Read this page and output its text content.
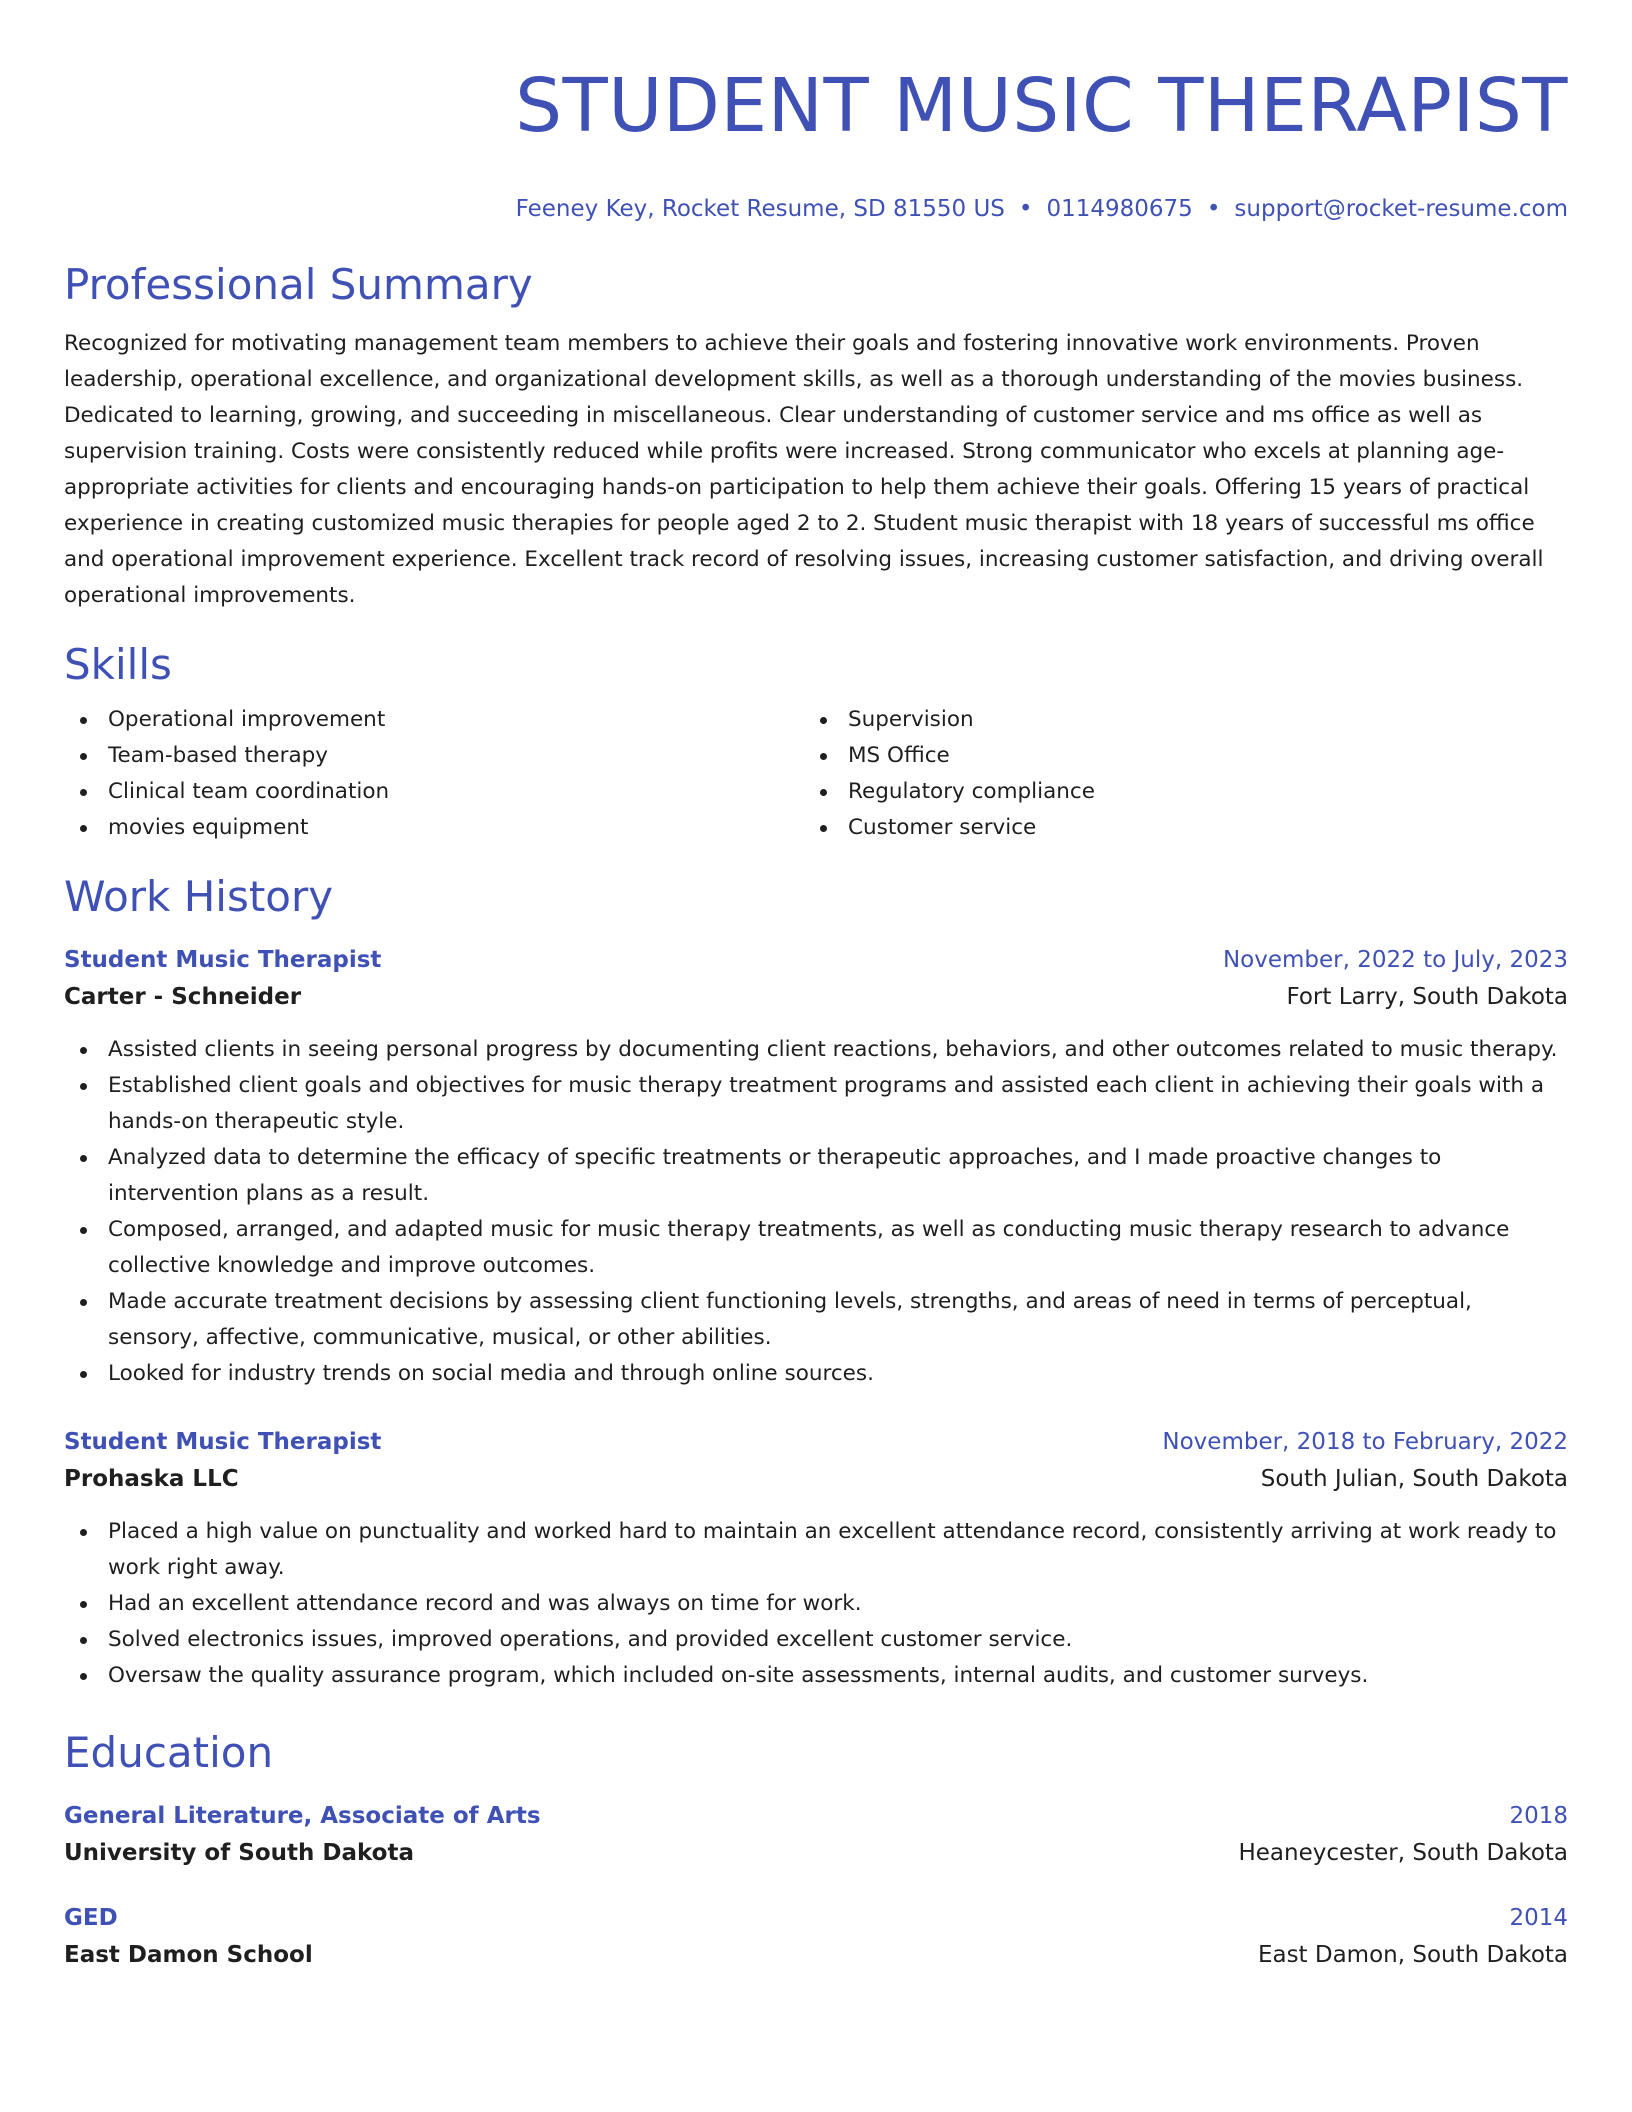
STUDENT MUSIC THERAPIST
Feeney Key, Rocket Resume, SD 81550 US • 0114980675 • support@rocket-resume.com
Professional Summary

Recognized for motivating management team members to achieve their goals and fostering innovative work environments. Proven leadership, operational excellence, and organizational development skills, as well as a thorough understanding of the movies business. Dedicated to learning, growing, and succeeding in miscellaneous. Clear understanding of customer service and ms office as well as supervision training. Costs were consistently reduced while profits were increased. Strong communicator who excels at planning age-appropriate activities for clients and encouraging hands-on participation to help them achieve their goals. Offering 15 years of practical experience in creating customized music therapies for people aged 2 to 2. Student music therapist with 18 years of successful ms office and operational improvement experience. Excellent track record of resolving issues, increasing customer satisfaction, and driving overall operational improvements.

Skills
Operational improvement
Team-based therapy
Clinical team coordination
movies equipment
Supervision
MS Office
Regulatory compliance
Customer service
Work History
Student Music Therapist	November, 2022 to July, 2023
Carter - Schneider	Fort Larry, South Dakota
Assisted clients in seeing personal progress by documenting client reactions, behaviors, and other outcomes related to music therapy.
Established client goals and objectives for music therapy treatment programs and assisted each client in achieving their goals with a hands-on therapeutic style.
Analyzed data to determine the efficacy of specific treatments or therapeutic approaches, and I made proactive changes to intervention plans as a result.
Composed, arranged, and adapted music for music therapy treatments, as well as conducting music therapy research to advance collective knowledge and improve outcomes.
Made accurate treatment decisions by assessing client functioning levels, strengths, and areas of need in terms of perceptual, sensory, affective, communicative, musical, or other abilities.
Looked for industry trends on social media and through online sources.
Student Music Therapist	November, 2018 to February, 2022
Prohaska LLC	South Julian, South Dakota
Placed a high value on punctuality and worked hard to maintain an excellent attendance record, consistently arriving at work ready to work right away.
Had an excellent attendance record and was always on time for work.
Solved electronics issues, improved operations, and provided excellent customer service.
Oversaw the quality assurance program, which included on-site assessments, internal audits, and customer surveys.
Education
General Literature, Associate of Arts	2018
University of South Dakota	Heaneycester, South Dakota
GED	2014
East Damon School	East Damon, South Dakota
